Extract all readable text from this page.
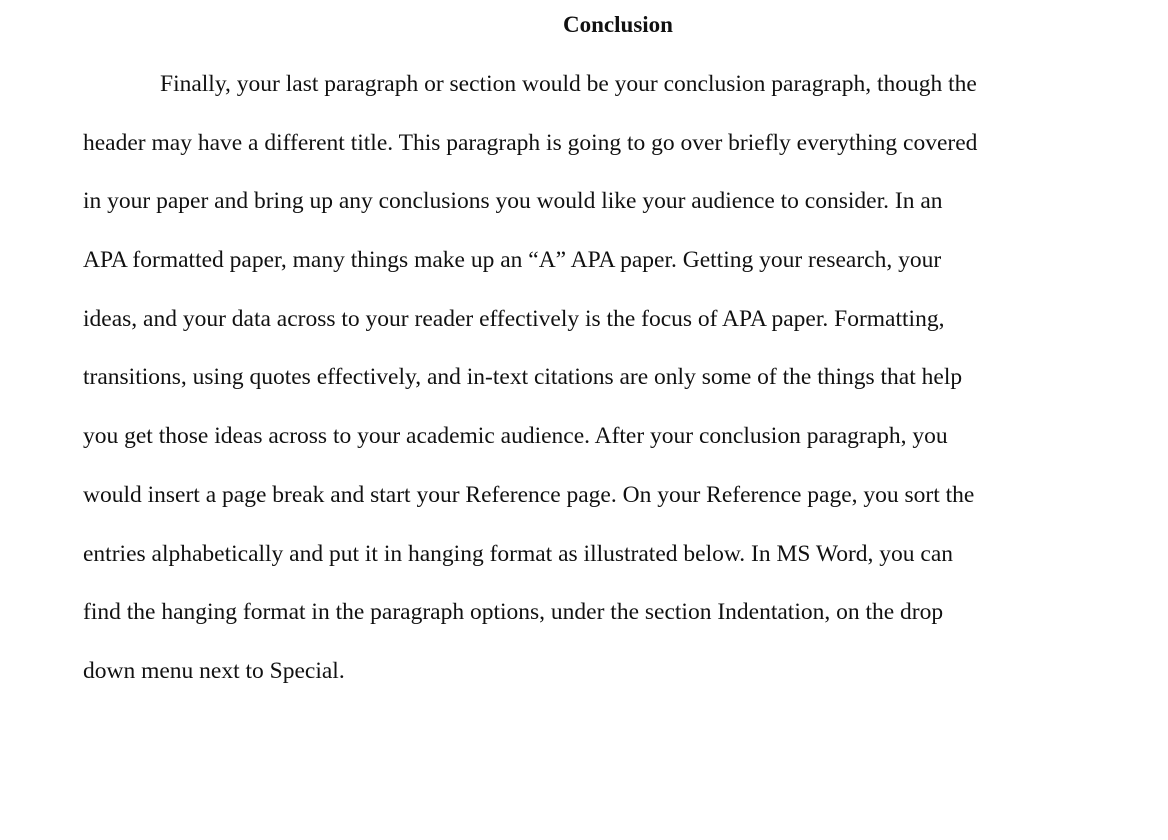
Conclusion
Finally, your last paragraph or section would be your conclusion paragraph, though the
header may have a different title. This paragraph is going to go over briefly everything covered
in your paper and bring up any conclusions you would like your audience to consider. In an
APA formatted paper, many things make up an “A” APA paper. Getting your research, your
ideas, and your data across to your reader effectively is the focus of APA paper. Formatting,
transitions, using quotes effectively, and in-text citations are only some of the things that help
you get those ideas across to your academic audience. After your conclusion paragraph, you
would insert a page break and start your Reference page. On your Reference page, you sort the
entries alphabetically and put it in hanging format as illustrated below. In MS Word, you can
find the hanging format in the paragraph options, under the section Indentation, on the drop
down menu next to Special.
